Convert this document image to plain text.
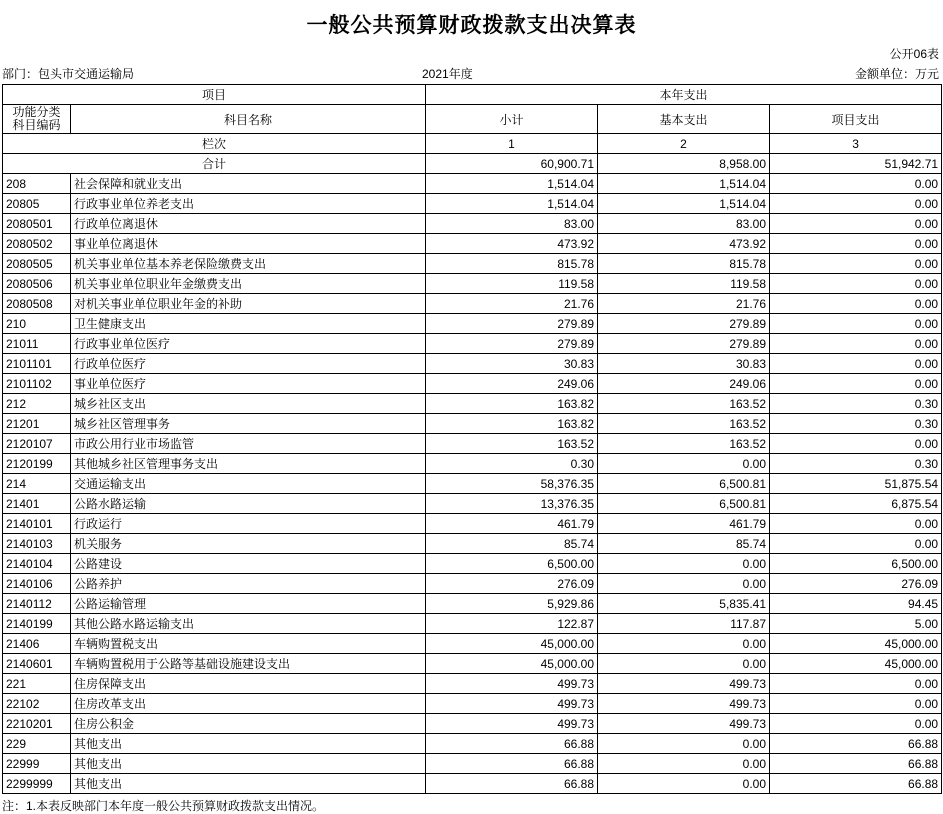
一般公共预算财政拨款支出决算表
公开06表
部门：包头市交通运输局	2021年度	金额单位：万元
项目		本年支出		

功能分类
科目编码	科目名称	小计	基本支出	项目支出
栏次		1	2	3
合计		60,900.71	8,958.00	51,942.71
208	社会保障和就业支出	1,514.04	1,514.04	0.00
20805	行政事业单位养老支出	1,514.04	1,514.04	0.00
2080501	行政单位离退休	83.00	83.00	0.00
2080502	事业单位离退休	473.92	473.92	0.00
2080505	机关事业单位基本养老保险缴费支出	815.78	815.78	0.00
2080506	机关事业单位职业年金缴费支出	119.58	119.58	0.00
2080508	对机关事业单位职业年金的补助	21.76	21.76	0.00
210	卫生健康支出	279.89	279.89	0.00
21011	行政事业单位医疗	279.89	279.89	0.00
2101101	行政单位医疗	30.83	30.83	0.00
2101102	事业单位医疗	249.06	249.06	0.00
212	城乡社区支出	163.82	163.52	0.30
21201	城乡社区管理事务	163.82	163.52	0.30
2120107	市政公用行业市场监管	163.52	163.52	0.00
2120199	其他城乡社区管理事务支出	0.30	0.00	0.30
214	交通运输支出	58,376.35	6,500.81	51,875.54
21401	公路水路运输	13,376.35	6,500.81	6,875.54
2140101	行政运行	461.79	461.79	0.00
2140103	机关服务	85.74	85.74	0.00
2140104	公路建设	6,500.00	0.00	6,500.00
2140106	公路养护	276.09	0.00	276.09
2140112	公路运输管理	5,929.86	5,835.41	94.45
2140199	其他公路水路运输支出	122.87	117.87	5.00
21406	车辆购置税支出	45,000.00	0.00	45,000.00
2140601	车辆购置税用于公路等基础设施建设支出	45,000.00	0.00	45,000.00
221	住房保障支出	499.73	499.73	0.00
22102	住房改革支出	499.73	499.73	0.00
2210201	住房公积金	499.73	499.73	0.00
229	其他支出	66.88	0.00	66.88
22999	其他支出	66.88	0.00	66.88
2299999	其他支出	66.88	0.00	66.88
注：1.本表反映部门本年度一般公共预算财政拨款支出情况。
